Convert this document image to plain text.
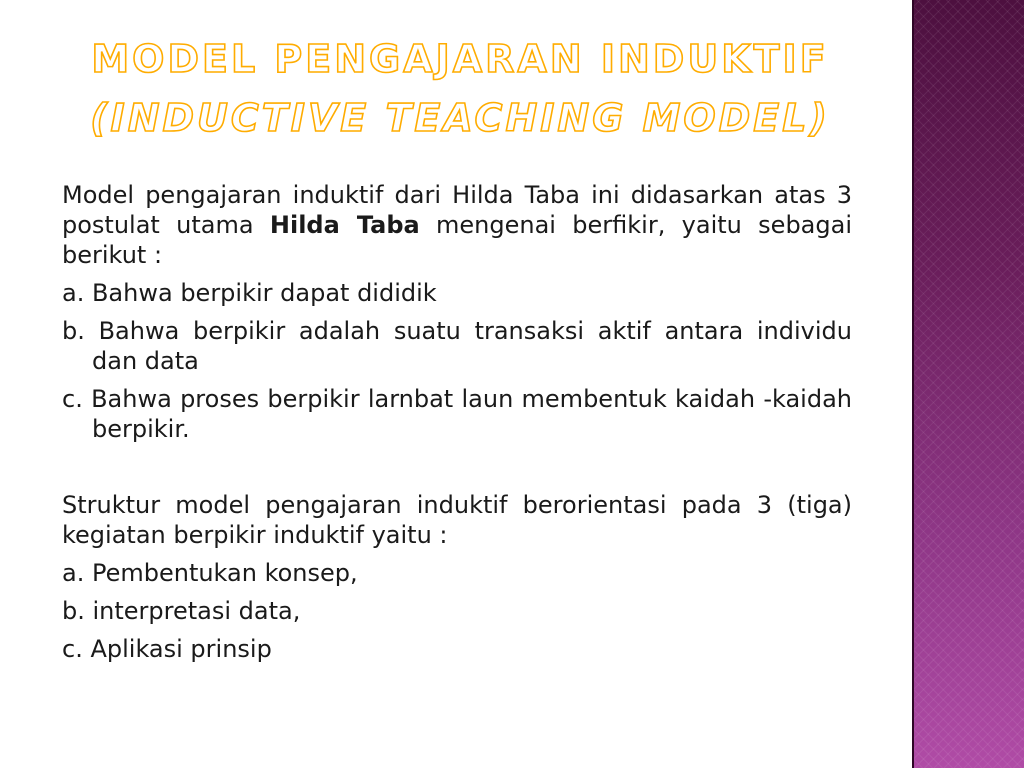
MODEL PENGAJARAN INDUKTIF
(INDUCTIVE TEACHING MODEL)

Model pengajaran induktif dari Hilda Taba ini didasarkan atas 3 postulat utama Hilda Taba mengenai berfikir, yaitu sebagai berikut :

a. Bahwa berpikir dapat dididik

b. Bahwa berpikir adalah suatu transaksi aktif antara individu dan data

c. Bahwa proses berpikir larnbat laun membentuk kaidah -kaidah berpikir.

Struktur model pengajaran induktif berorientasi pada 3 (tiga) kegiatan berpikir induktif yaitu :

a. Pembentukan konsep,

b. interpretasi data,

c. Aplikasi prinsip
